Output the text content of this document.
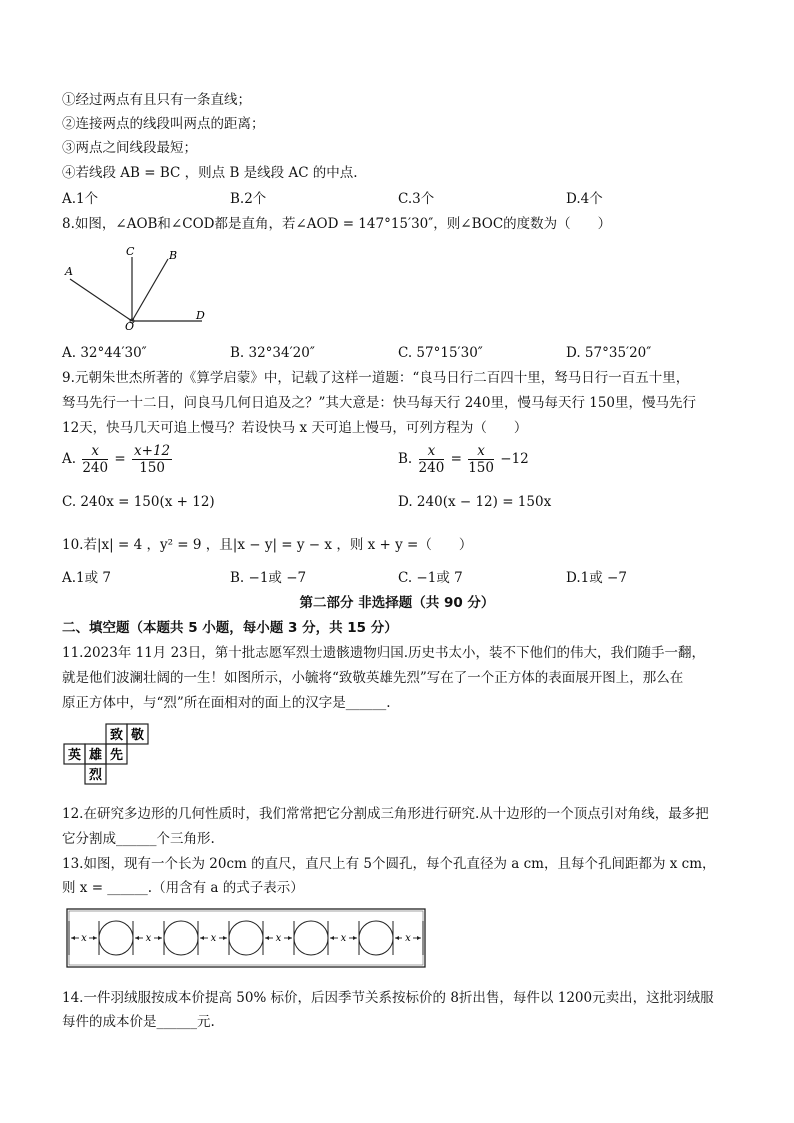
①经过两点有且只有一条直线；
②连接两点的线段叫两点的距离；
③两点之间线段最短；
④若线段 AB = BC ，则点 B 是线段 AC 的中点.
A.1个	B.2个	C.3个	D.4个
8.如图，∠AOB和∠COD都是直角，若∠AOD = 147°15′30″，则∠BOC的度数为（　　）
A
C	B
O
D
A. 32°44′30″	B. 32°34′20″	C. 57°15′30″	D. 57°35′20″
9.元朝朱世杰所著的《算学启蒙》中，记载了这样一道题：“良马日行二百四十里，驽马日行一百五十里，
驽马先行一十二日，问良马几何日追及之？”其大意是：快马每天行 240里，慢马每天行 150里，慢马先行
12天，快马几天可追上慢马？若设快马 x 天可追上慢马，可列方程为（　　）
A. $\frac{x}{240} = \frac{x+12}{150}$	B. $\frac{x}{240} = \frac{x}{150} -12$
C. 240x = 150(x + 12)	D. 240(x − 12) = 150x
10.若|x| = 4 ，y² = 9 ，且|x − y| = y − x ，则 x + y =（　　）
A.1或 7	B. −1或 −7	C. −1或 7	D.1或 −7
第二部分 非选择题（共 90 分）
二、填空题（本题共 5 小题，每小题 3 分，共 15 分）
11.2023年 11月 23日，第十批志愿军烈士遗骸遗物归国.历史书太小，装不下他们的伟大，我们随手一翻，
就是他们波澜壮阔的一生！如图所示，小毓将“致敬英雄先烈”写在了一个正方体的表面展开图上，那么在
原正方体中，与“烈”所在面相对的面上的汉字是______.
致 敬
英 雄 先
烈
12.在研究多边形的几何性质时，我们常常把它分割成三角形进行研究.从十边形的一个顶点引对角线，最多把
它分割成______个三角形.
13.如图，现有一个长为 20cm 的直尺，直尺上有 5个圆孔，每个孔直径为 a cm，且每个孔间距都为 x cm，
则 x = ______.（用含有 a 的式子表示）
x	x	x	x	x	x
14.一件羽绒服按成本价提高 50% 标价，后因季节关系按标价的 8折出售，每件以 1200元卖出，这批羽绒服
每件的成本价是______元.
